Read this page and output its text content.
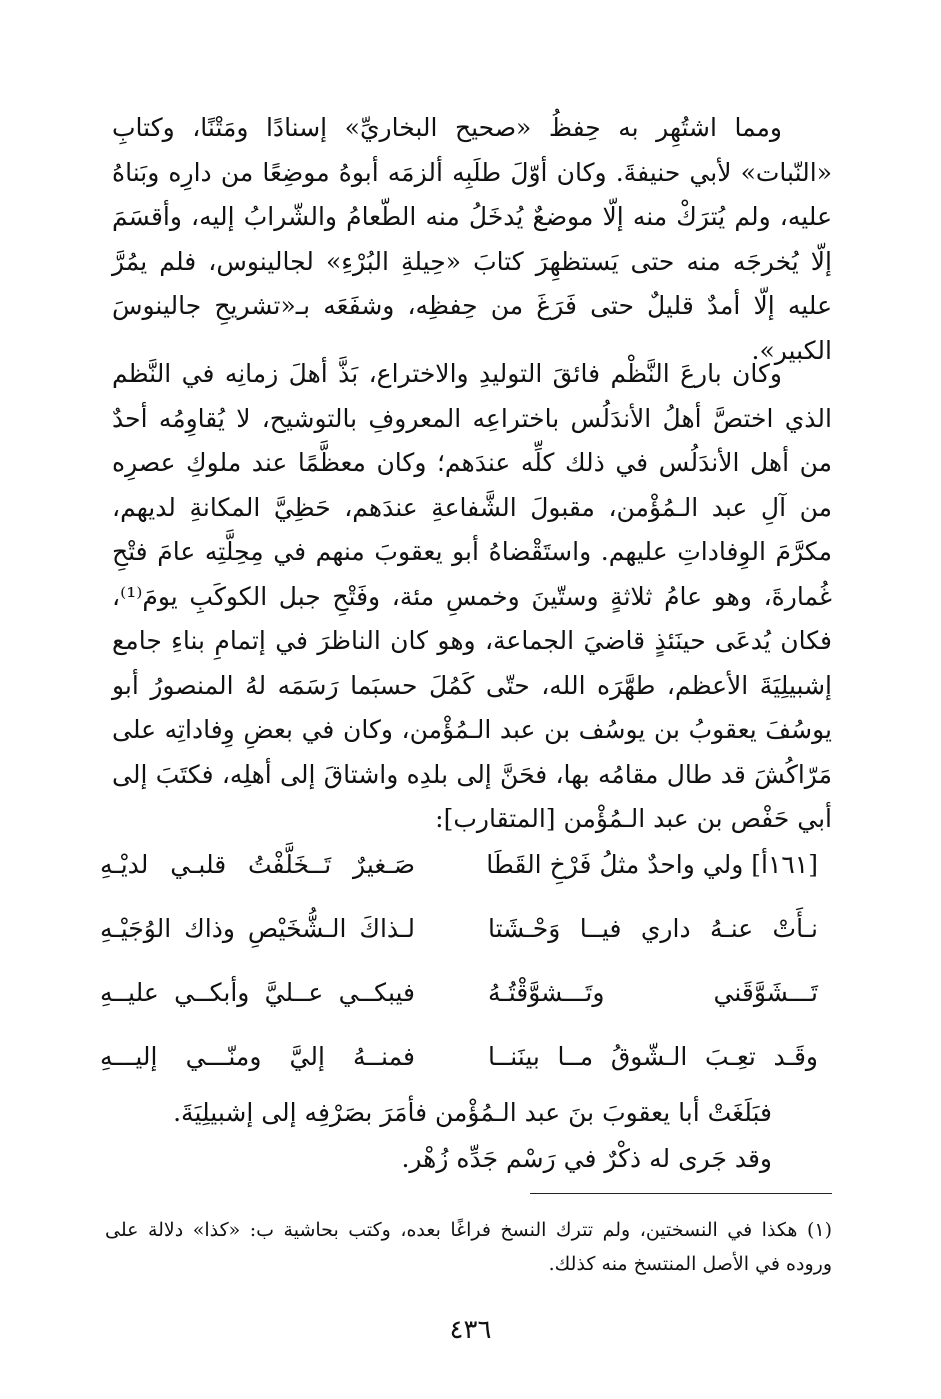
ومما اشتُهِر به حِفظُ «صحيح البخاريِّ» إسنادًا ومَتْنًا، وكتابِ «النّبات» لأبي حنيفةَ. وكان أوّلَ طلَبِه ألزمَه أبوهُ موضِعًا من دارِه وبَناهُ عليه، ولم يُترَكْ منه إلّا موضعٌ يُدخَلُ منه الطّعامُ والشّرابُ إليه، وأقسَمَ إلّا يُخرجَه منه حتى يَستظهِرَ كتابَ «حِيلةِ البُرْءِ» لجالينوس، فلم يمُرَّ عليه إلّا أمدٌ قليلٌ حتى فَرَغَ من حِفظِه، وشفَعَه بـ«تشريحِ جالينوسَ الكبير».

وكان بارعَ النَّظْم فائقَ التوليدِ والاختراع، بَذَّ أهلَ زمانِه في النَّظم الذي اختصَّ أهلُ الأندَلُس باختراعِه المعروفِ بالتوشيح، لا يُقاوِمُه أحدٌ من أهل الأندَلُس في ذلك كلِّه عندَهم؛ وكان معظَّمًا عند ملوكِ عصرِه من آلِ عبد الـمُؤْمن، مقبولَ الشَّفاعةِ عندَهم، حَظِيَّ المكانةِ لديهم، مكرَّمَ الوِفاداتِ عليهم. واستَقْضاهُ أبو يعقوبَ منهم في مِحِلَّتِه عامَ فتْحِ غُمارةَ، وهو عامُ ثلاثةٍ وستّينَ وخمسِ مئة، وفَتْحِ جبل الكوكَبِ يومَ⁽¹⁾، فكان يُدعَى حينَئذٍ قاضيَ الجماعة، وهو كان الناظرَ في إتمامِ بناءِ جامع إشبيلِيَةَ الأعظم، طهَّرَه الله، حتّى كَمُلَ حسبَما رَسَمَه لهُ المنصورُ أبو يوسُفَ يعقوبُ بن يوسُف بن عبد الـمُؤْمن، وكان في بعضِ وِفاداتِه على مَرّاكُشَ قد طال مقامُه بها، فحَنَّ إلى بلدِه واشتاقَ إلى أهلِه، فكتَبَ إلى أبي حَفْص بن عبد الـمُؤْمن [المتقارب]:

[١٦١أ] ولي واحدٌ مثلُ فَرْخِ القَطَا
صَـغيرٌ تَــخَلَّفْتُ قلبـي لديْـهِ
نـأَتْ عنـهُ داري فيــا وَحْـشَتا
لـذاكَ الـشُّخَيْصِ وذاك الوُجَيْـهِ
تَـــشَوَّقَني وتَـــشوَّقْتُـهُ
فيبكــي عــليَّ وأبكــي عليــهِ
وقَـد تعِـبَ الـشّوقُ مــا بينَنــا
فمنــهُ إليَّ ومنّـــي إليـــهِ
فبَلَغَتْ أبا يعقوبَ بنَ عبد الـمُؤْمن فأمَرَ بصَرْفِه إلى إشبيلِيَةَ.
وقد جَرى له ذكْرٌ في رَسْم جَدِّه زُهْر.
(١) هكذا في النسختين، ولم تترك النسخ فراغًا بعده، وكتب بحاشية ب: «كذا» دلالة على وروده في الأصل المنتسخ منه كذلك.
٤٣٦
